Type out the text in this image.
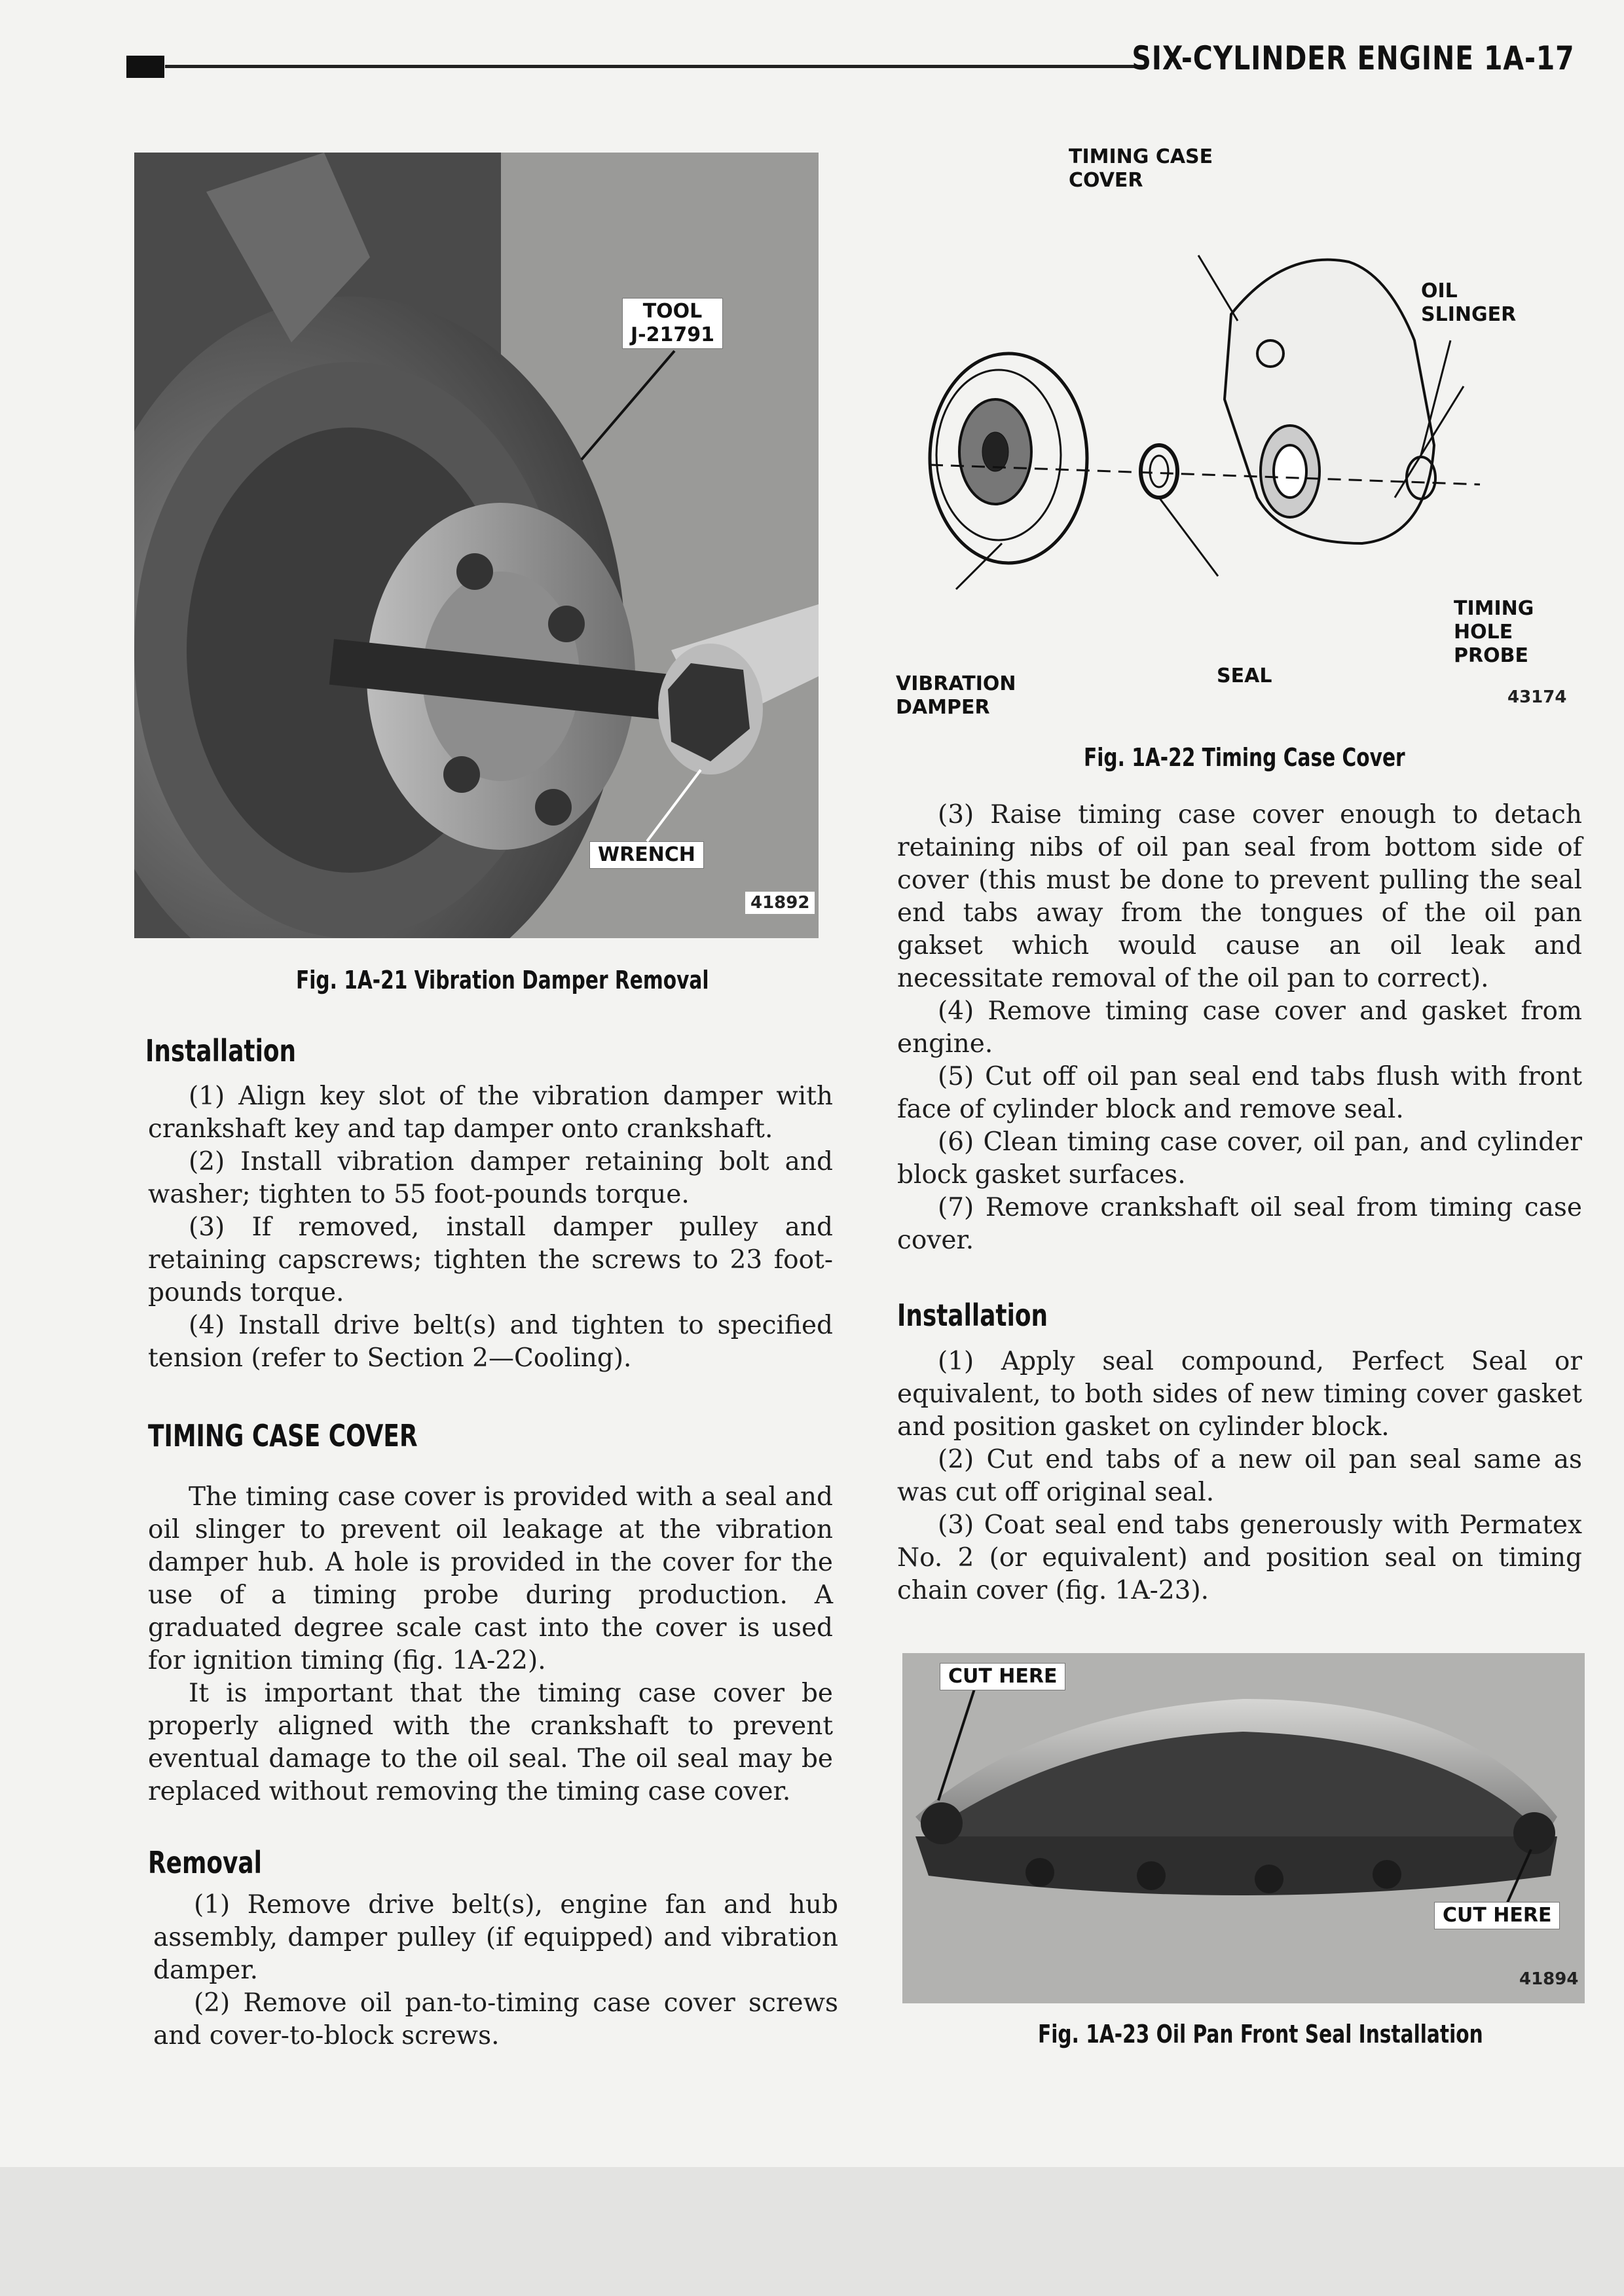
SIX-CYLINDER ENGINE 1A-17
TOOL
J-21791
WRENCH
41892
Fig. 1A-21 Vibration Damper Removal
Installation

(1) Align key slot of the vibration damper with crankshaft key and tap damper onto crankshaft.

(2) Install vibration damper retaining bolt and washer; tighten to 55 foot-pounds torque.

(3) If removed, install damper pulley and retaining capscrews; tighten the screws to 23 foot-pounds torque.

(4) Install drive belt(s) and tighten to specified tension (refer to Section 2—Cooling).

TIMING CASE COVER

The timing case cover is provided with a seal and oil slinger to prevent oil leakage at the vibration damper hub. A hole is provided in the cover for the use of a timing probe during production. A graduated degree scale cast into the cover is used for ignition timing (fig. 1A-22).

It is important that the timing case cover be properly aligned with the crankshaft to prevent eventual damage to the oil seal. The oil seal may be replaced without removing the timing case cover.

Removal

(1) Remove drive belt(s), engine fan and hub assembly, damper pulley (if equipped) and vibration damper.

(2) Remove oil pan-to-timing case cover screws and cover-to-block screws.

TIMING CASE
COVER
OIL
SLINGER
TIMING
HOLE
PROBE
SEAL
VIBRATION
DAMPER	43174
Fig. 1A-22 Timing Case Cover

(3) Raise timing case cover enough to detach retaining nibs of oil pan seal from bottom side of cover (this must be done to prevent pulling the seal end tabs away from the tongues of the oil pan gakset which would cause an oil leak and necessitate removal of the oil pan to correct).

(4) Remove timing case cover and gasket from engine.

(5) Cut off oil pan seal end tabs flush with front face of cylinder block and remove seal.

(6) Clean timing case cover, oil pan, and cylinder block gasket surfaces.

(7) Remove crankshaft oil seal from timing case cover.

Installation

(1) Apply seal compound, Perfect Seal or equivalent, to both sides of new timing cover gasket and position gasket on cylinder block.

(2) Cut end tabs of a new oil pan seal same as was cut off original seal.

(3) Coat seal end tabs generously with Permatex No. 2 (or equivalent) and position seal on timing chain cover (fig. 1A-23).

CUT HERE
CUT HERE
41894
Fig. 1A-23 Oil Pan Front Seal Installation
